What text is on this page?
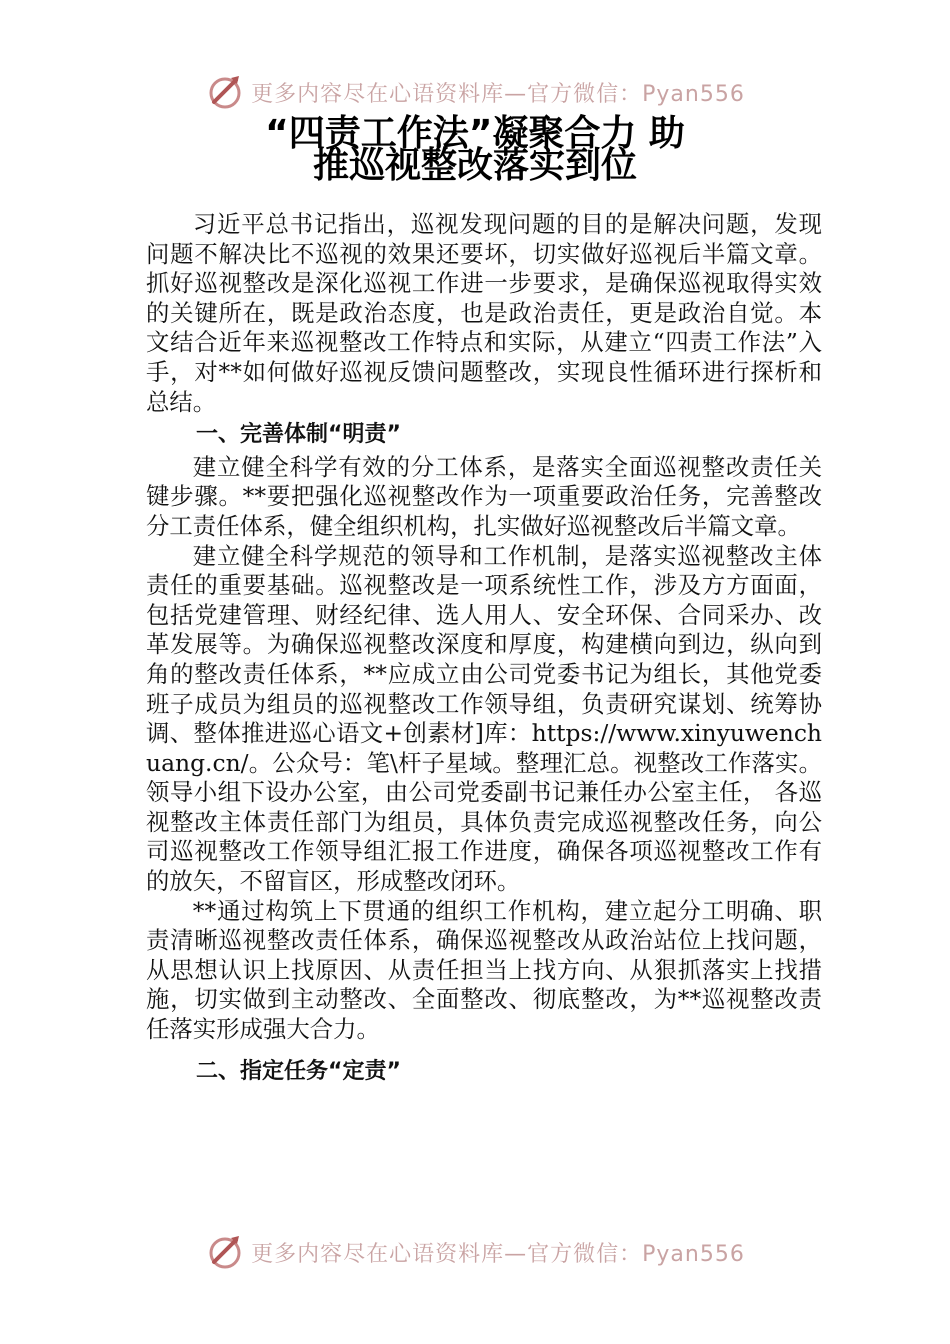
更多内容尽在心语资料库—官方微信：Pyan556
“四责工作法”凝聚合力 助
推巡视整改落实到位

习近平总书记指出，巡视发现问题的目的是解决问题，发现问题不解决比不巡视的效果还要坏，切实做好巡视后半篇文章。抓好巡视整改是深化巡视工作进一步要求，是确保巡视取得实效的关键所在，既是政治态度，也是政治责任，更是政治自觉。本文结合近年来巡视整改工作特点和实际，从建立“四责工作法”入手，对**如何做好巡视反馈问题整改，实现良性循环进行探析和总结。

一、完善体制“明责”

建立健全科学有效的分工体系，是落实全面巡视整改责任关键步骤。**要把强化巡视整改作为一项重要政治任务，完善整改分工责任体系，健全组织机构，扎实做好巡视整改后半篇文章。

建立健全科学规范的领导和工作机制，是落实巡视整改主体责任的重要基础。巡视整改是一项系统性工作，涉及方方面面，包括党建管理、财经纪律、选人用人、安全环保、合同采办、改革发展等。为确保巡视整改深度和厚度，构建横向到边，纵向到角的整改责任体系，**应成立由公司党委书记为组长，其他党委班子成员为组员的巡视整改工作领导组，负责研究谋划、统筹协调、整体推进巡心语文+创素材]库：https://www.xinyuwenchuang.cn/。公众号：笔\杆子星域。整理汇总。视整改工作落实。领导小组下设办公室，由公司党委副书记兼任办公室主任， 各巡视整改主体责任部门为组员，具体负责完成巡视整改任务，向公司巡视整改工作领导组汇报工作进度，确保各项巡视整改工作有的放矢，不留盲区，形成整改闭环。

**通过构筑上下贯通的组织工作机构，建立起分工明确、职责清晰巡视整改责任体系，确保巡视整改从政治站位上找问题，从思想认识上找原因、从责任担当上找方向、从狠抓落实上找措施，切实做到主动整改、全面整改、彻底整改，为**巡视整改责任落实形成强大合力。

二、指定任务“定责”
更多内容尽在心语资料库—官方微信：Pyan556
